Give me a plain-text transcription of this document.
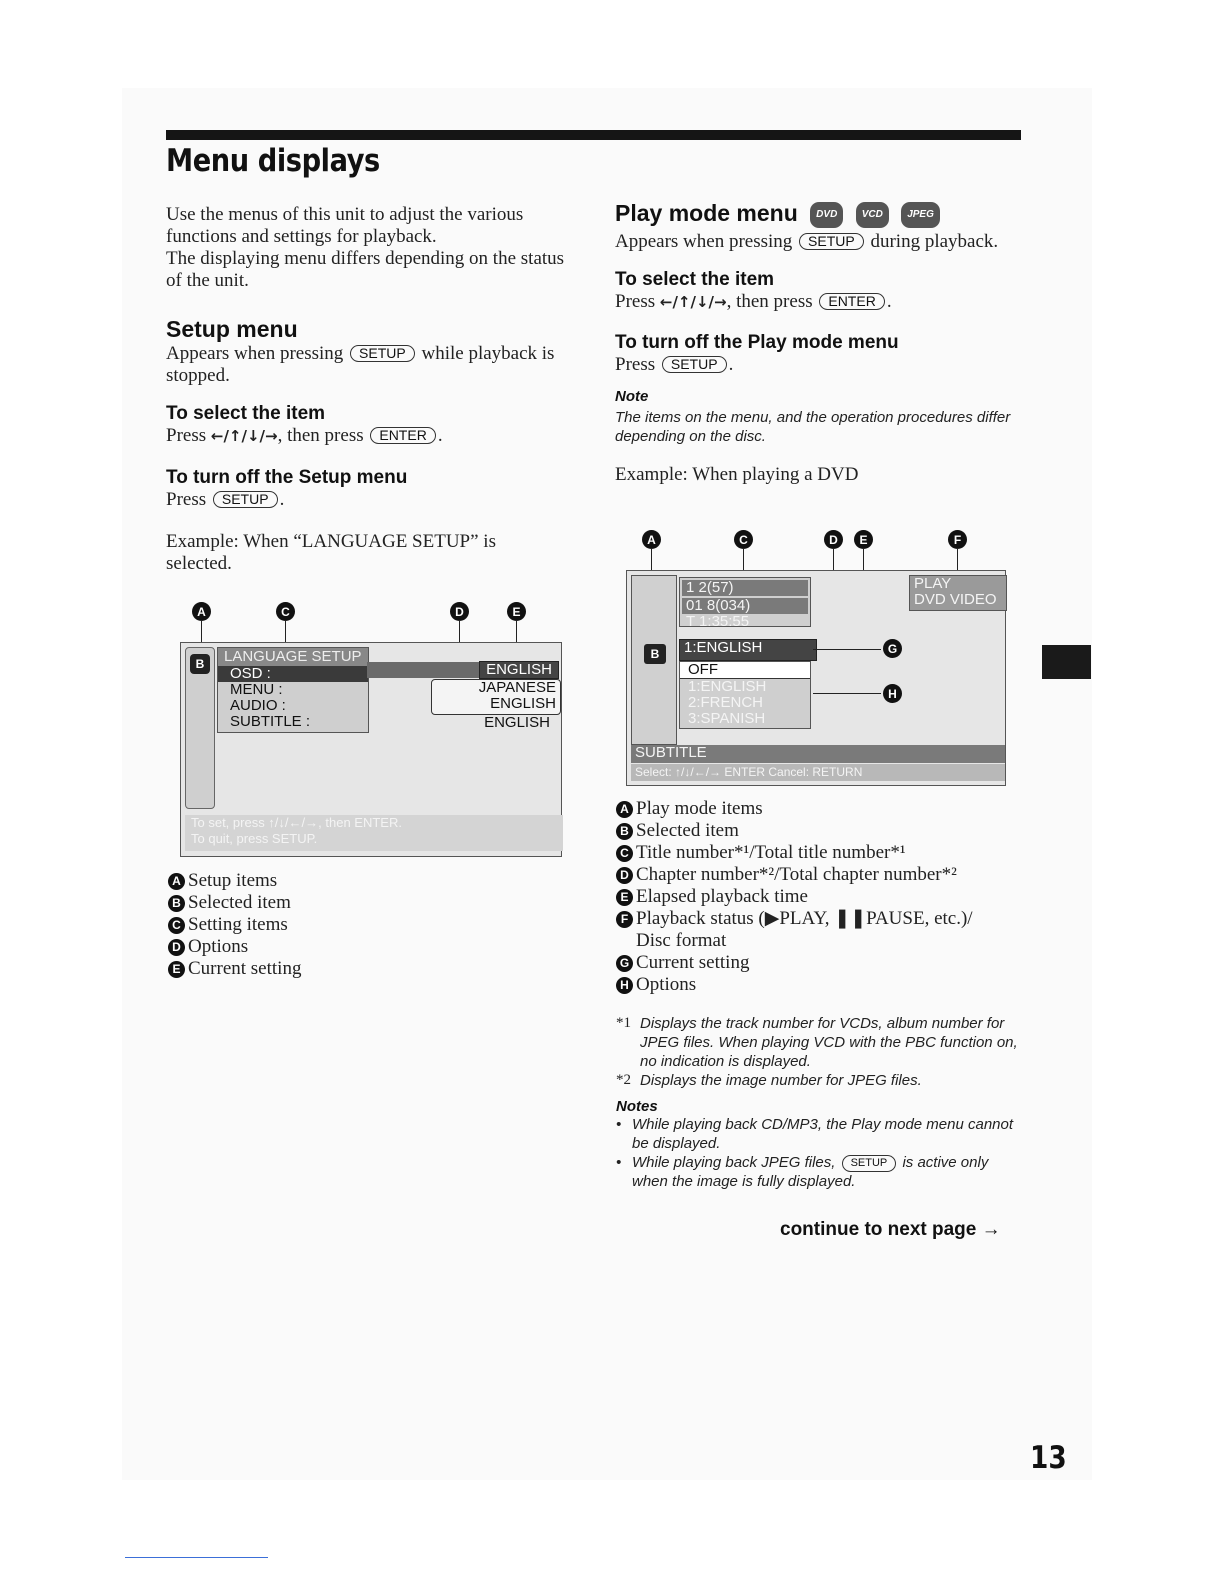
Menu displays

Use the menus of this unit to adjust the various functions and settings for playback.

The displaying menu differs depending on the status of the unit.

Setup menu

Appears when pressing SETUP while playback is stopped.

To select the item

Press ←/↑/↓/→, then press ENTER .

To turn off the Setup menu

Press SETUP .

Example: When “LANGUAGE SETUP” is selected.

A	C	D	E
B	LANGUAGE SETUP
OSD :
MENU :
AUDIO :
SUBTITLE :
ENGLISH
JAPANESE
ENGLISH
ENGLISH
To set, press ↑/↓/←/→, then ENTER.
To quit, press SETUP.
A Setup items
B Selected item
C Setting items
D Options
E Current setting
Play mode menu DVD VCD JPEG

Appears when pressing SETUP during playback.

To select the item

Press ←/↑/↓/→, then press ENTER .

To turn off the Play mode menu

Press SETUP .

Note
The items on the menu, and the operation procedures differ depending on the disc.

Example: When playing a DVD

A	C	D	E	F
B
1 2(57)
01 8(034)
T 1:35:55
PLAY
DVD VIDEO
1:ENGLISH
OFF
1:ENGLISH
2:FRENCH
3:SPANISH
G
H
SUBTITLE
Select: ↑/↓/←/→ ENTER Cancel: RETURN
A Play mode items
B Selected item
C Title number*¹/Total title number*¹
D Chapter number*²/Total chapter number*²
E Elapsed playback time
F Playback status (▶PLAY, ❚❚PAUSE, etc.)/
Disc format
G Current setting
H Options
*1 Displays the track number for VCDs, album number for JPEG files. When playing VCD with the PBC function on, no indication is displayed.
*2 Displays the image number for JPEG files.
Notes
• While playing back CD/MP3, the Play mode menu cannot be displayed.
• While playing back JPEG files, SETUP is active only when the image is fully displayed.
continue to next page →
13
